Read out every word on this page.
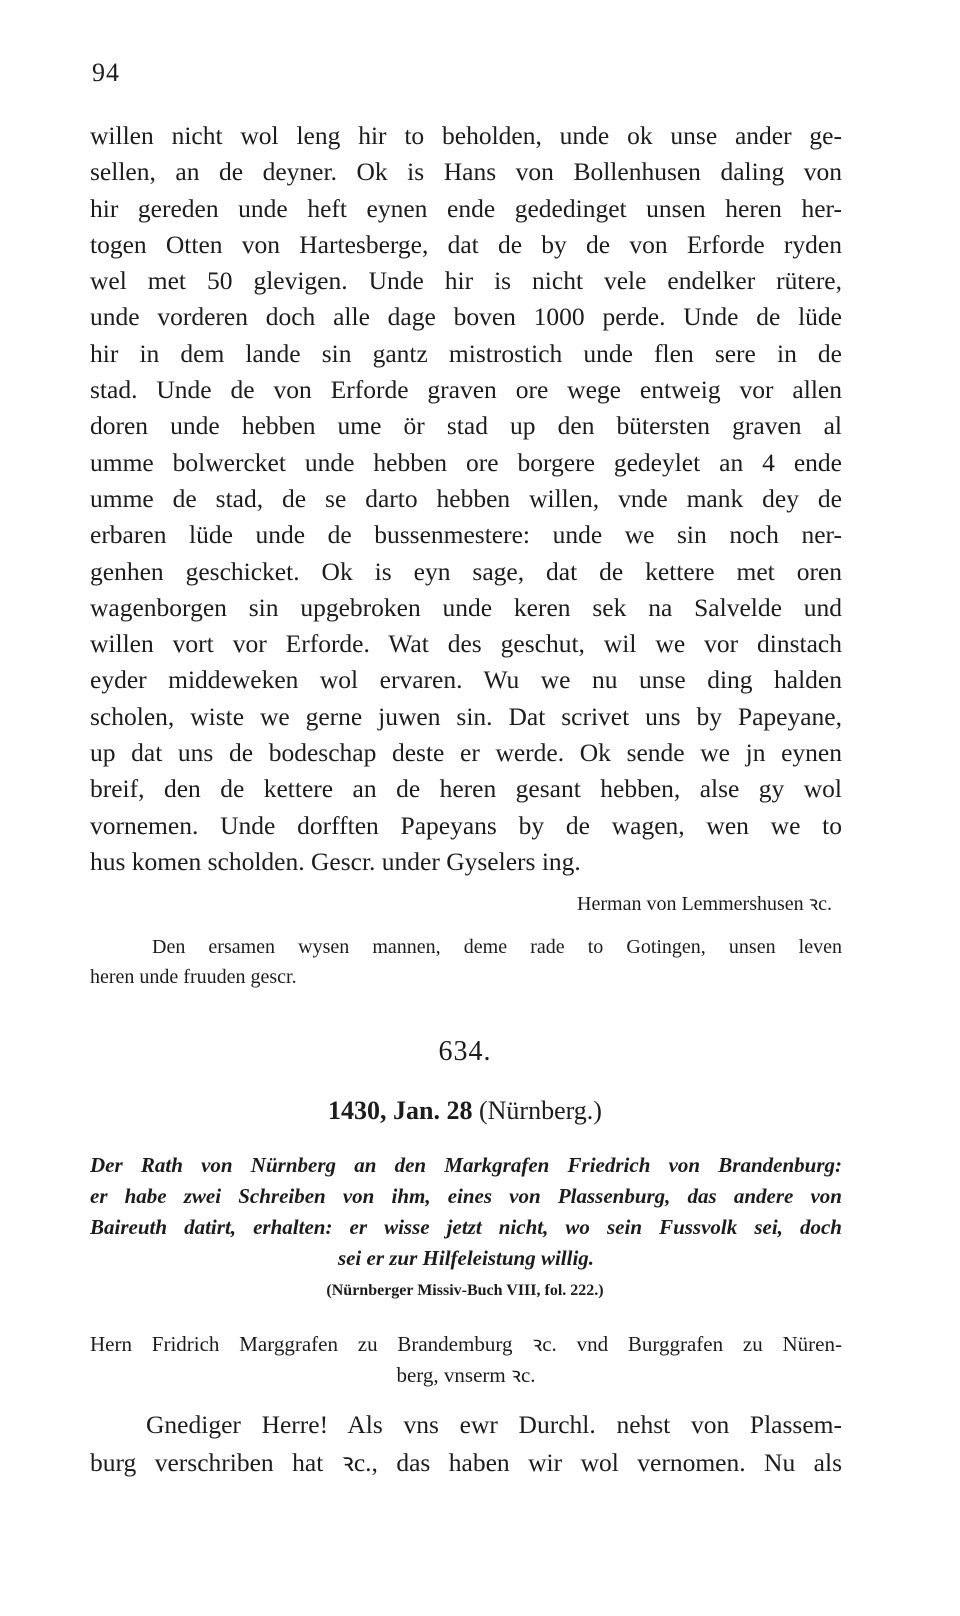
94
willen nicht wol leng hir to beholden, unde ok unse ander ge-
sellen, an de deyner. Ok is Hans von Bollenhusen daling von
hir gereden unde heft eynen ende gededinget unsen heren her-
togen Otten von Hartesberge, dat de by de von Erforde ryden
wel met 50 glevigen. Unde hir is nicht vele endelker rütere,
unde vorderen doch alle dage boven 1000 perde. Unde de lüde
hir in dem lande sin gantz mistrostich unde flen sere in de
stad. Unde de von Erforde graven ore wege entweig vor allen
doren unde hebben ume ör stad up den bütersten graven al
umme bolwercket unde hebben ore borgere gedeylet an 4 ende
umme de stad, de se darto hebben willen, vnde mank dey de
erbaren lüde unde de bussenmestere: unde we sin noch ner-
genhen geschicket. Ok is eyn sage, dat de kettere met oren
wagenborgen sin upgebroken unde keren sek na Salvelde und
willen vort vor Erforde. Wat des geschut, wil we vor dinstach
eyder middeweken wol ervaren. Wu we nu unse ding halden
scholen, wiste we gerne juwen sin. Dat scrivet uns by Papeyane,
up dat uns de bodeschap deste er werde. Ok sende we jn eynen
breif, den de kettere an de heren gesant hebben, alse gy wol
vornemen. Unde dorfften Papeyans by de wagen, wen we to
hus komen scholden. Gescr. under Gyselers ing.
Herman von Lemmershusen ꝛc.
Den ersamen wysen mannen, deme rade to Gotingen, unsen leven
heren unde fruuden gescr.
634.
1430, Jan. 28 (Nürnberg.)
Der Rath von Nürnberg an den Markgrafen Friedrich von Brandenburg:
er habe zwei Schreiben von ihm, eines von Plassenburg, das andere von
Baireuth datirt, erhalten: er wisse jetzt nicht, wo sein Fussvolk sei, doch
sei er zur Hilfeleistung willig.
(Nürnberger Missiv-Buch VIII, fol. 222.)
Hern Fridrich Marggrafen zu Brandemburg ꝛc. vnd Burggrafen zu Nüren-
berg, vnserm ꝛc.
Gnediger Herre! Als vns ewr Durchl. nehst von Plassem-
burg verschriben hat ꝛc., das haben wir wol vernomen. Nu als
